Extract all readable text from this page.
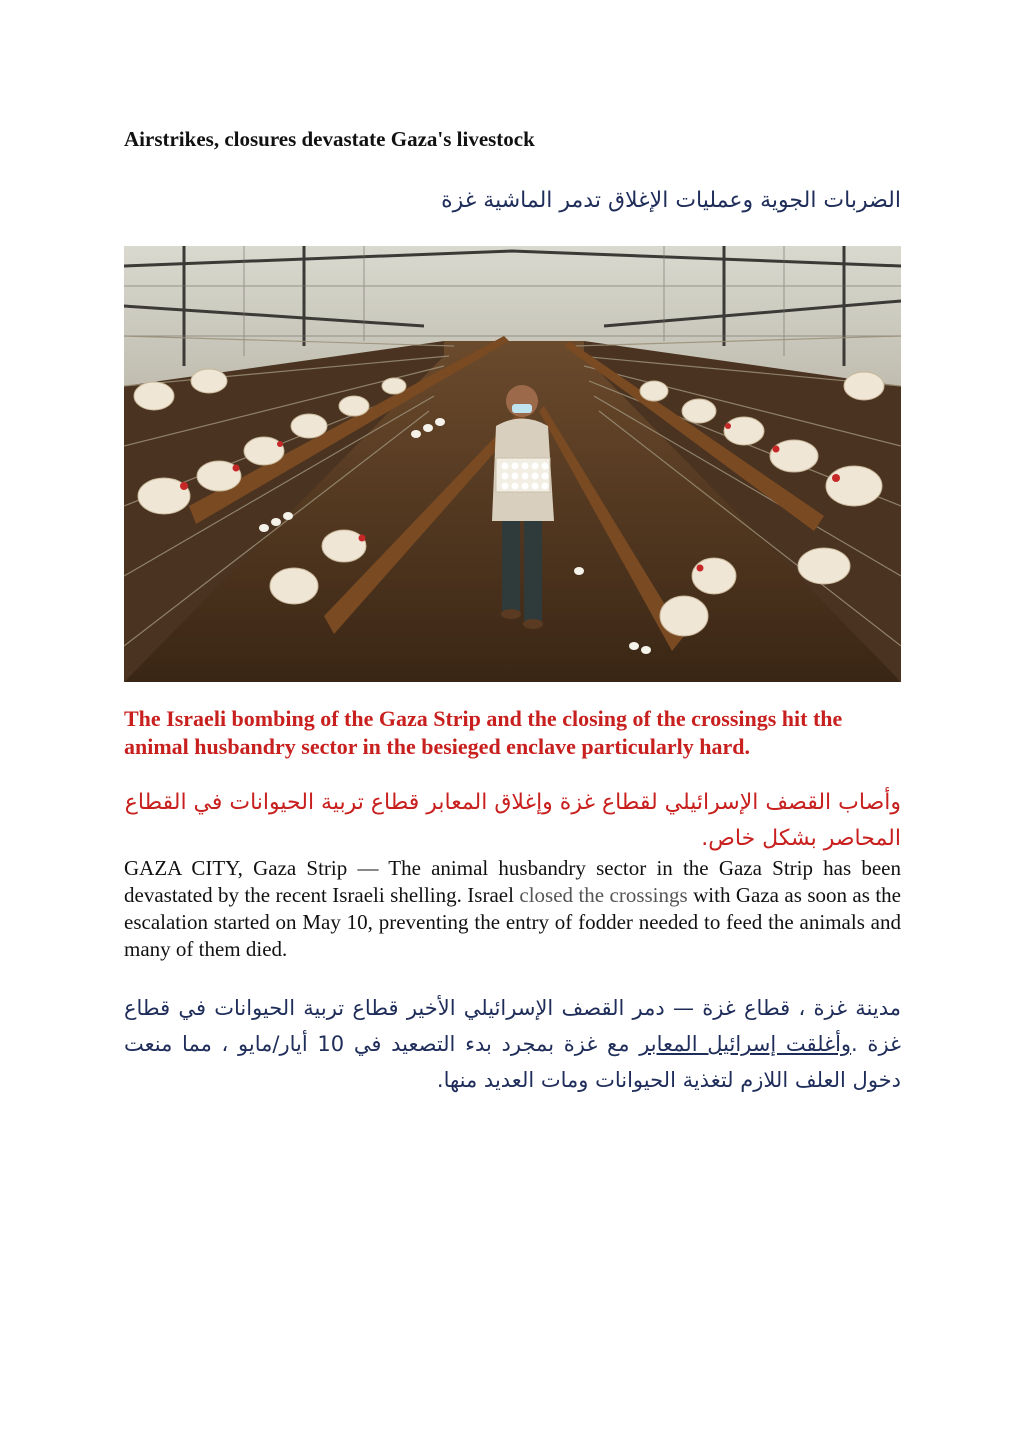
Airstrikes, closures devastate Gaza's livestock
الضربات الجوية وعمليات الإغلاق تدمر الماشية غزة
The Israeli bombing of the Gaza Strip and the closing of the crossings hit the animal husbandry sector in the besieged enclave particularly hard.
وأصاب القصف الإسرائيلي لقطاع غزة وإغلاق المعابر قطاع تربية الحيوانات في القطاع المحاصر بشكل خاص.
GAZA CITY, Gaza Strip — The animal husbandry sector in the Gaza Strip has been devastated by the recent Israeli shelling. Israel closed the crossings with Gaza as soon as the escalation started on May 10, preventing the entry of fodder needed to feed the animals and many of them died.
مدينة غزة ، قطاع غزة — دمر القصف الإسرائيلي الأخير قطاع تربية الحيوانات في قطاع غزة .وأغلقت إسرائيل المعابر مع غزة بمجرد بدء التصعيد في 10 أيار/مايو ، مما منعت دخول العلف اللازم لتغذية الحيوانات ومات العديد منها.
